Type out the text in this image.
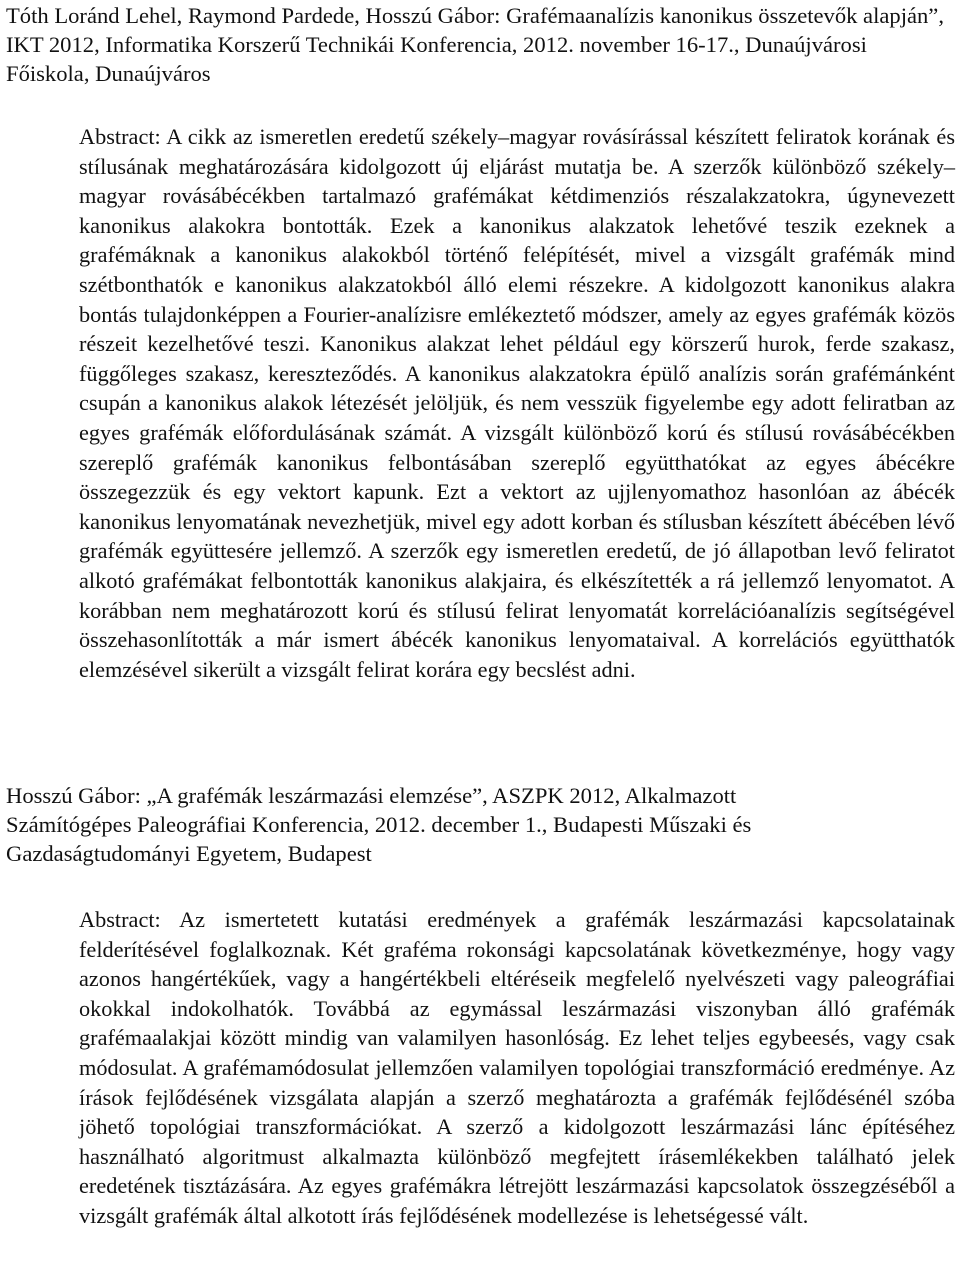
Tóth Loránd Lehel, Raymond Pardede, Hosszú Gábor: Grafémaanalízis kanonikus összetevők alapján”, IKT 2012, Informatika Korszerű Technikái Konferencia, 2012. november 16-17., Dunaújvárosi Főiskola, Dunaújváros

Abstract: A cikk az ismeretlen eredetű székely–magyar rovásírással készített feliratok korának és stílusának meghatározására kidolgozott új eljárást mutatja be. A szerzők különböző székely–magyar rovásábécékben tartalmazó grafémákat kétdimenziós részalakzatokra, úgynevezett kanonikus alakokra bontották. Ezek a kanonikus alakzatok lehetővé teszik ezeknek a grafémáknak a kanonikus alakokból történő felépítését, mivel a vizsgált grafémák mind szétbonthatók e kanonikus alakzatokból álló elemi részekre. A kidolgozott kanonikus alakra bontás tulajdonképpen a Fourier-analízisre emlékeztető módszer, amely az egyes grafémák közös részeit kezelhetővé teszi. Kanonikus alakzat lehet például egy körszerű hurok, ferde szakasz, függőleges szakasz, kereszteződés. A kanonikus alakzatokra épülő analízis során grafémánként csupán a kanonikus alakok létezését jelöljük, és nem vesszük figyelembe egy adott feliratban az egyes grafémák előfordulásának számát. A vizsgált különböző korú és stílusú rovásábécékben szereplő grafémák kanonikus felbontásában szereplő együtthatókat az egyes ábécékre összegezzük és egy vektort kapunk. Ezt a vektort az ujjlenyomathoz hasonlóan az ábécék kanonikus lenyomatának nevezhetjük, mivel egy adott korban és stílusban készített ábécében lévő grafémák együttesére jellemző. A szerzők egy ismeretlen eredetű, de jó állapotban levő feliratot alkotó grafémákat felbontották kanonikus alakjaira, és elkészítették a rá jellemző lenyomatot. A korábban nem meghatározott korú és stílusú felirat lenyomatát korrelációanalízis segítségével összehasonlították a már ismert ábécék kanonikus lenyomataival. A korrelációs együtthatók elemzésével sikerült a vizsgált felirat korára egy becslést adni.

Hosszú Gábor: „A grafémák leszármazási elemzése”, ASZPK 2012, Alkalmazott Számítógépes Paleográfiai Konferencia, 2012. december 1., Budapesti Műszaki és Gazdaságtudományi Egyetem, Budapest

Abstract: Az ismertetett kutatási eredmények a grafémák leszármazási kapcsolatainak felderítésével foglalkoznak. Két grafémа rokonsági kapcsolatának következménye, hogy vagy azonos hangértékűek, vagy a hangértékbeli eltéréseik megfelelő nyelvészeti vagy paleográfiai okokkal indokolhatók. Továbbá az egymással leszármazási viszonyban álló grafémák grafémaalakjai között mindig van valamilyen hasonlóság. Ez lehet teljes egybeesés, vagy csak módosulat. A grafémamódosulat jellemzően valamilyen topológiai transzformáció eredménye. Az írások fejlődésének vizsgálata alapján a szerző meghatározta a grafémák fejlődésénél szóba jöhető topológiai transzformációkat. A szerző a kidolgozott leszármazási lánc építéséhez használható algoritmust alkalmazta különböző megfejtett írásemlékekben található jelek eredetének tisztázására. Az egyes grafémákra létrejött leszármazási kapcsolatok összegzéséből a vizsgált grafémák által alkotott írás fejlődésének modellezése is lehetségessé vált.
